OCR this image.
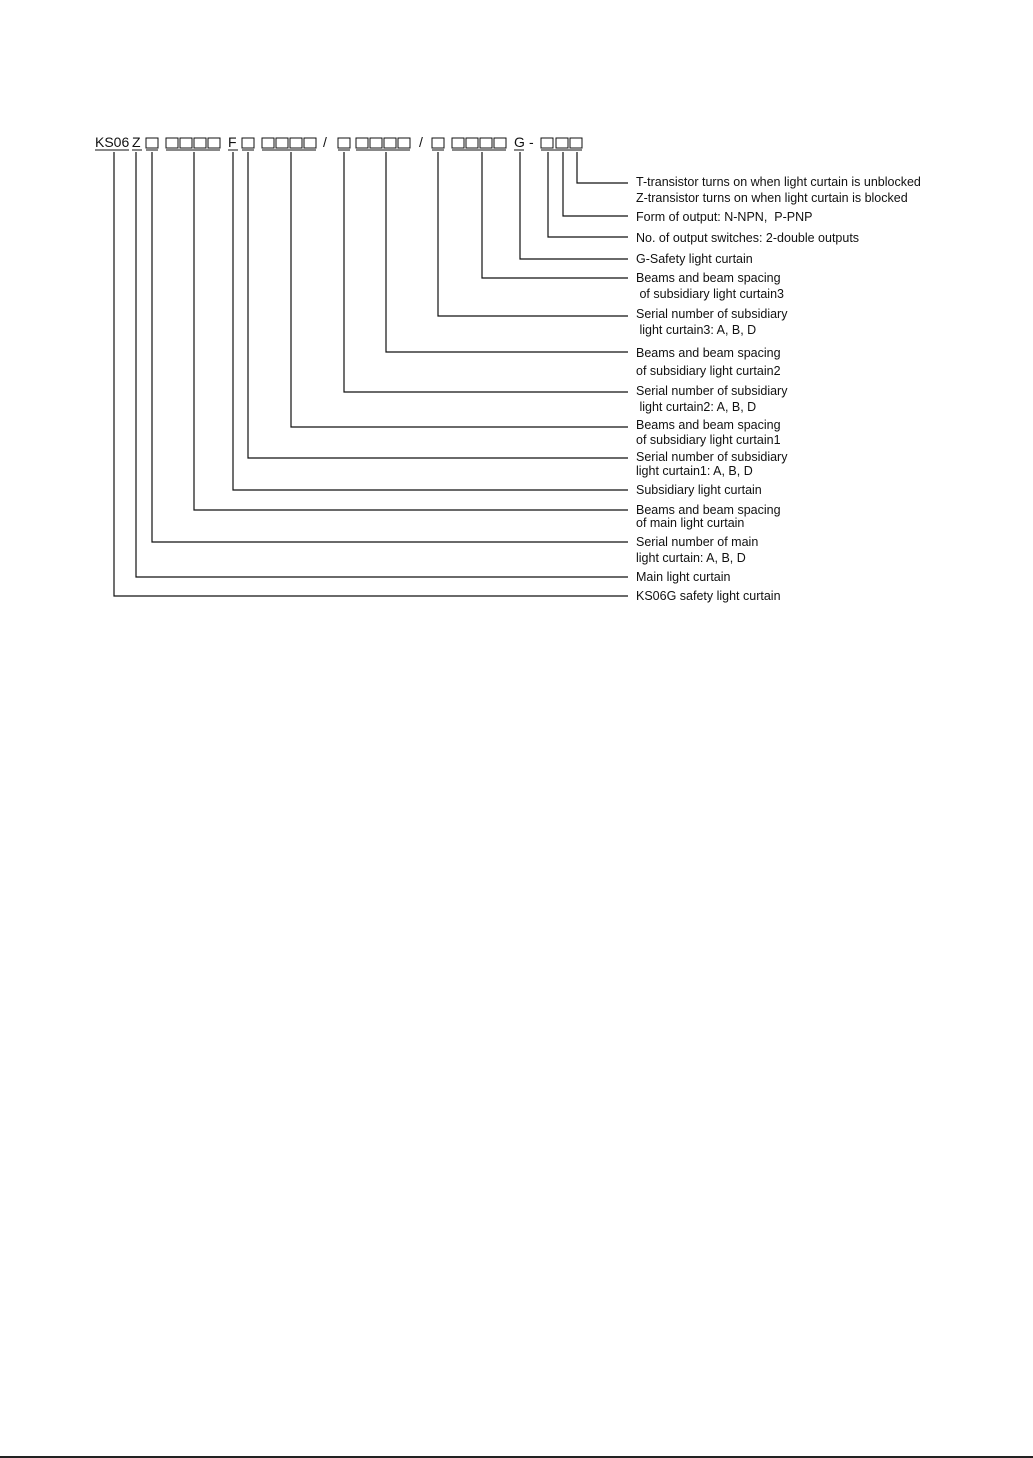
KS06 Z	F	/	/	G -
T-transistor turns on when light curtain is unblocked
Z-transistor turns on when light curtain is blocked
Form of output: N-NPN,  P-PNP
No. of output switches: 2-double outputs
G-Safety light curtain
Beams and beam spacing
of subsidiary light curtain3
Serial number of subsidiary
light curtain3: A, B, D
Beams and beam spacing
of subsidiary light curtain2
Serial number of subsidiary
light curtain2: A, B, D
Beams and beam spacing
of subsidiary light curtain1
Serial number of subsidiary
light curtain1: A, B, D
Subsidiary light curtain
Beams and beam spacing
of main light curtain
Serial number of main
light curtain: A, B, D
Main light curtain
KS06G safety light curtain
